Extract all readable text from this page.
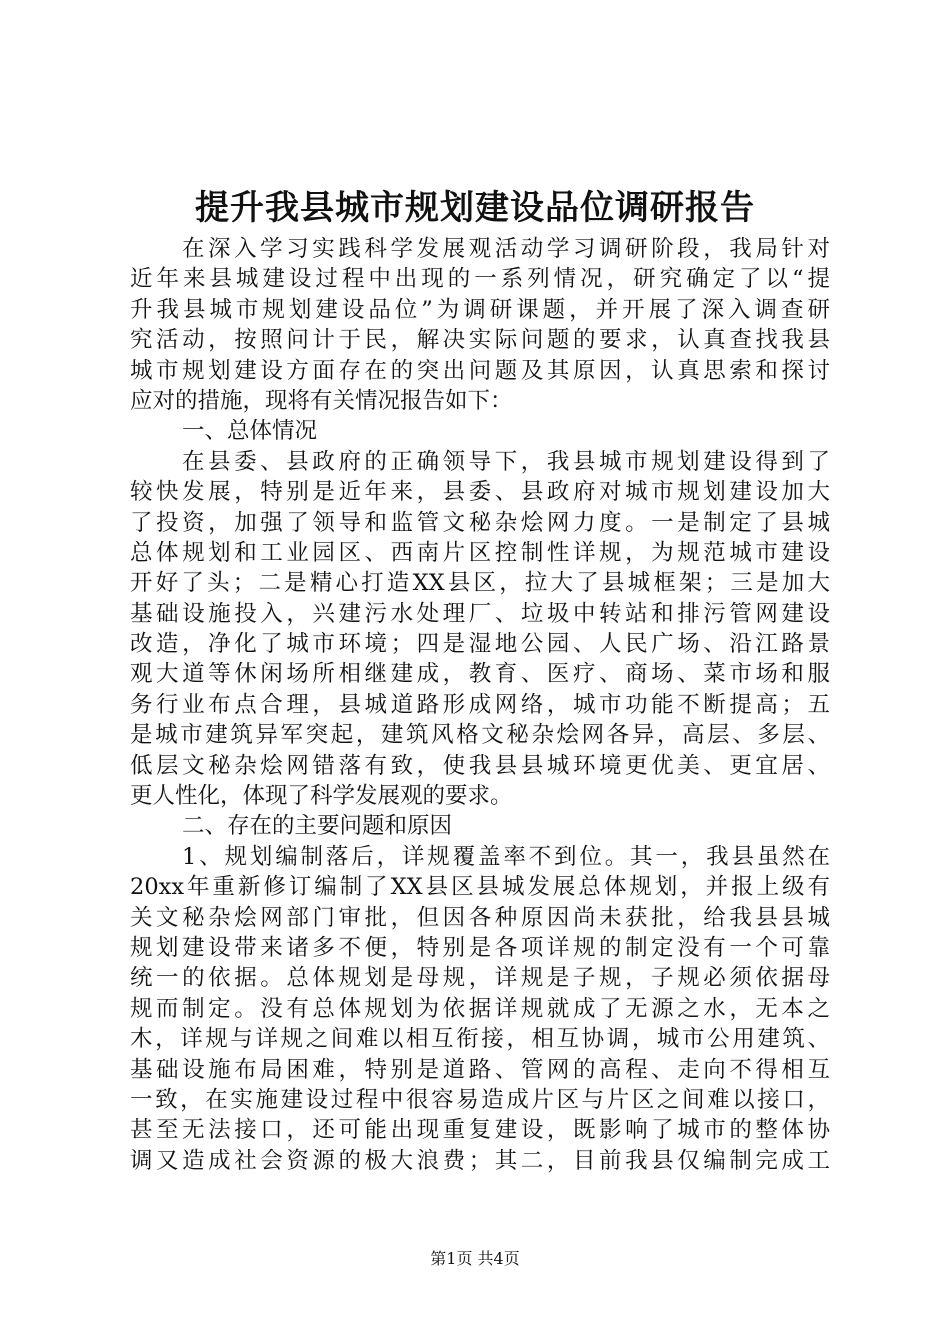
提升我县城市规划建设品位调研报告
在深入学习实践科学发展观活动学习调研阶段，我局针对
近年来县城建设过程中出现的一系列情况，研究确定了以“提
升我县城市规划建设品位”为调研课题，并开展了深入调查研
究活动，按照问计于民，解决实际问题的要求，认真查找我县
城市规划建设方面存在的突出问题及其原因，认真思索和探讨
应对的措施，现将有关情况报告如下：
一、总体情况
在县委、县政府的正确领导下，我县城市规划建设得到了
较快发展，特别是近年来，县委、县政府对城市规划建设加大
了投资，加强了领导和监管文秘杂烩网力度。一是制定了县城
总体规划和工业园区、西南片区控制性详规，为规范城市建设
开好了头；二是精心打造XX县区，拉大了县城框架；三是加大
基础设施投入，兴建污水处理厂、垃圾中转站和排污管网建设
改造，净化了城市环境；四是湿地公园、人民广场、沿江路景
观大道等休闲场所相继建成，教育、医疗、商场、菜市场和服
务行业布点合理，县城道路形成网络，城市功能不断提高；五
是城市建筑异军突起，建筑风格文秘杂烩网各异，高层、多层、
低层文秘杂烩网错落有致，使我县县城环境更优美、更宜居、
更人性化，体现了科学发展观的要求。
二、存在的主要问题和原因
1、规划编制落后，详规覆盖率不到位。其一，我县虽然在
20xx年重新修订编制了XX县区县城发展总体规划，并报上级有
关文秘杂烩网部门审批，但因各种原因尚未获批，给我县县城
规划建设带来诸多不便，特别是各项详规的制定没有一个可靠
统一的依据。总体规划是母规，详规是子规，子规必须依据母
规而制定。没有总体规划为依据详规就成了无源之水，无本之
木，详规与详规之间难以相互衔接，相互协调，城市公用建筑、
基础设施布局困难，特别是道路、管网的高程、走向不得相互
一致，在实施建设过程中很容易造成片区与片区之间难以接口，
甚至无法接口，还可能出现重复建设，既影响了城市的整体协
调又造成社会资源的极大浪费；其二，目前我县仅编制完成工
第1页 共4页
